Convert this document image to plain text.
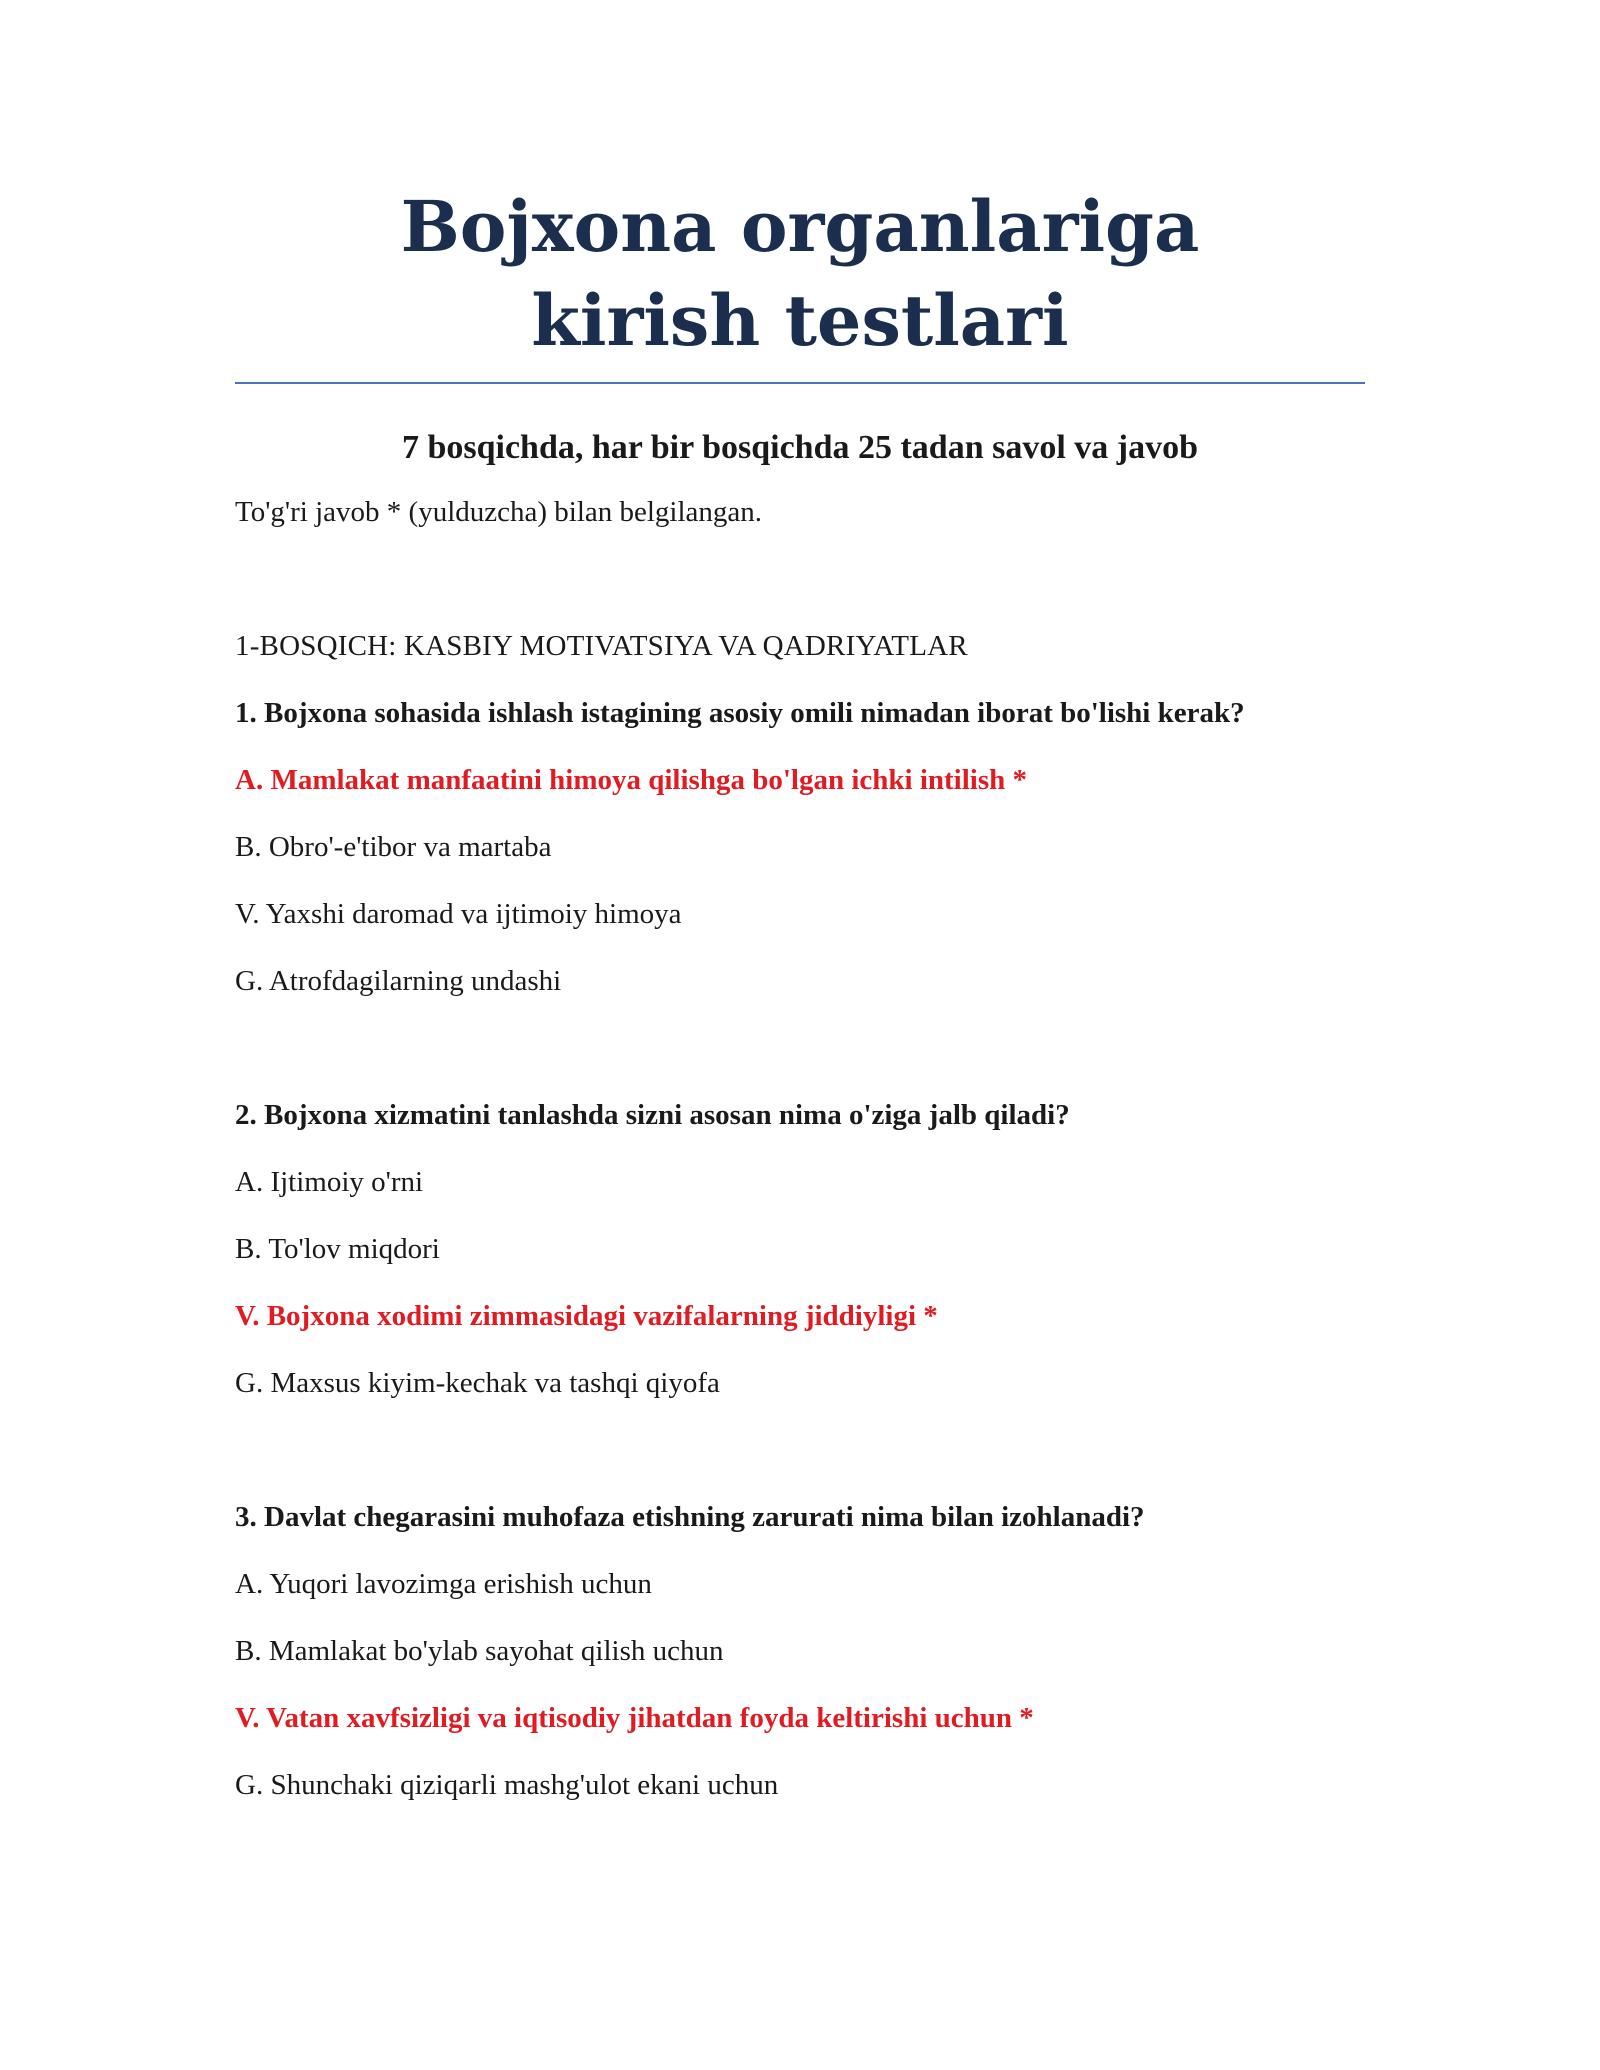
Bojxona organlariga kirish testlari

7 bosqichda, har bir bosqichda 25 tadan savol va javob

To'g'ri javob * (yulduzcha) bilan belgilangan.

1-BOSQICH: KASBIY MOTIVATSIYA VA QADRIYATLAR

1. Bojxona sohasida ishlash istagining asosiy omili nimadan iborat bo'lishi kerak?

A. Mamlakat manfaatini himoya qilishga bo'lgan ichki intilish *

B. Obro'-e'tibor va martaba

V. Yaxshi daromad va ijtimoiy himoya

G. Atrofdagilarning undashi

2. Bojxona xizmatini tanlashda sizni asosan nima o'ziga jalb qiladi?

A. Ijtimoiy o'rni

B. To'lov miqdori

V. Bojxona xodimi zimmasidagi vazifalarning jiddiyligi *

G. Maxsus kiyim-kechak va tashqi qiyofa

3. Davlat chegarasini muhofaza etishning zarurati nima bilan izohlanadi?

A. Yuqori lavozimga erishish uchun

B. Mamlakat bo'ylab sayohat qilish uchun

V. Vatan xavfsizligi va iqtisodiy jihatdan foyda keltirishi uchun *

G. Shunchaki qiziqarli mashg'ulot ekani uchun
